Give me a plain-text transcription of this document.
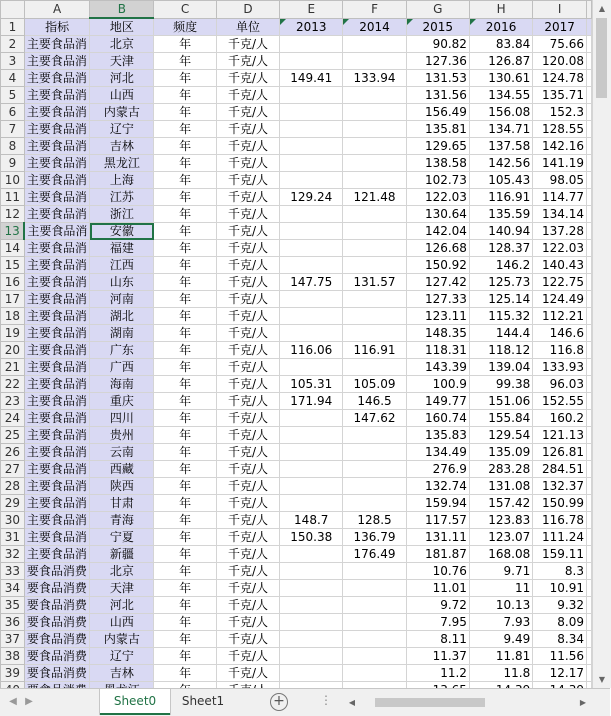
	A	B	C	D	E	F	G	H	I	
1	指标	地区	频度	单位	2013	2014	2015	2016	2017	
2	主要食品消	北京	年	千克/人			90.82	83.84	75.66	
3	主要食品消	天津	年	千克/人			127.36	126.87	120.08	
4	主要食品消	河北	年	千克/人	149.41	133.94	131.53	130.61	124.78	
5	主要食品消	山西	年	千克/人			131.56	134.55	135.71	
6	主要食品消	内蒙古	年	千克/人			156.49	156.08	152.3	
7	主要食品消	辽宁	年	千克/人			135.81	134.71	128.55	
8	主要食品消	吉林	年	千克/人			129.65	137.58	142.16	
9	主要食品消	黑龙江	年	千克/人			138.58	142.56	141.19	
10	主要食品消	上海	年	千克/人			102.73	105.43	98.05	
11	主要食品消	江苏	年	千克/人	129.24	121.48	122.03	116.91	114.77	
12	主要食品消	浙江	年	千克/人			130.64	135.59	134.14	
13	主要食品消	安徽	年	千克/人			142.04	140.94	137.28	
14	主要食品消	福建	年	千克/人			126.68	128.37	122.03	
15	主要食品消	江西	年	千克/人			150.92	146.2	140.43	
16	主要食品消	山东	年	千克/人	147.75	131.57	127.42	125.73	122.75	
17	主要食品消	河南	年	千克/人			127.33	125.14	124.49	
18	主要食品消	湖北	年	千克/人			123.11	115.32	112.21	
19	主要食品消	湖南	年	千克/人			148.35	144.4	146.6	
20	主要食品消	广东	年	千克/人	116.06	116.91	118.31	118.12	116.8	
21	主要食品消	广西	年	千克/人			143.39	139.04	133.93	
22	主要食品消	海南	年	千克/人	105.31	105.09	100.9	99.38	96.03	
23	主要食品消	重庆	年	千克/人	171.94	146.5	149.77	151.06	152.55	
24	主要食品消	四川	年	千克/人		147.62	160.74	155.84	160.2	
25	主要食品消	贵州	年	千克/人			135.83	129.54	121.13	
26	主要食品消	云南	年	千克/人			134.49	135.09	126.81	
27	主要食品消	西藏	年	千克/人			276.9	283.28	284.51	
28	主要食品消	陕西	年	千克/人			132.74	131.08	132.37	
29	主要食品消	甘肃	年	千克/人			159.94	157.42	150.99	
30	主要食品消	青海	年	千克/人	148.7	128.5	117.57	123.83	116.78	
31	主要食品消	宁夏	年	千克/人	150.38	136.79	131.11	123.07	111.24	
32	主要食品消	新疆	年	千克/人		176.49	181.87	168.08	159.11	
33	要食品消费	北京	年	千克/人			10.76	9.71	8.3	
34	要食品消费	天津	年	千克/人			11.01	11	10.91	
35	要食品消费	河北	年	千克/人			9.72	10.13	9.32	
36	要食品消费	山西	年	千克/人			7.95	7.93	8.09	
37	要食品消费	内蒙古	年	千克/人			8.11	9.49	8.34	
38	要食品消费	辽宁	年	千克/人			11.37	11.81	11.56	
39	要食品消费	吉林	年	千克/人			11.2	11.8	12.17	

▲
▼
◀ ▶	Sheet0	Sheet1	+	⋮	◀	▶
